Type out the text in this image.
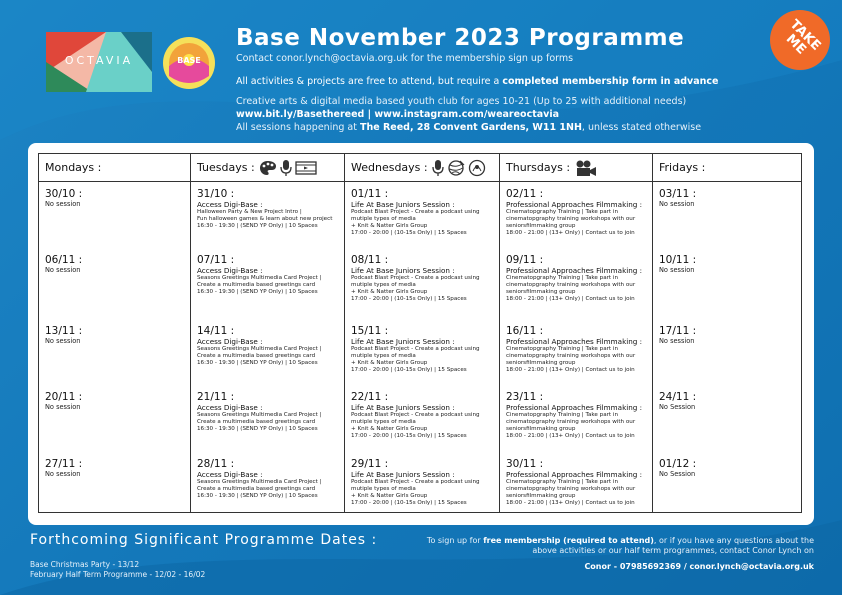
OCTAVIA	BASE
TAKE
ME
Base November 2023 Programme
Contact conor.lynch@octavia.org.uk for the membership sign up forms
All activities & projects are free to attend, but require a completed membership form in advance
Creative arts & digital media based youth club for ages 10-21 (Up to 25 with additional needs)
www.bit.ly/Basethereed | www.instagram.com/weareoctavia
All sessions happening at The Reed, 28 Convent Gardens, W11 1NH, unless stated otherwise
Mondays :
30/10 :
No session
06/11 :
No session
13/11 :
No session
20/11 :
No session
27/11 :
No session
Tuesdays :
31/10 :
Access Digi-Base :
Halloween Party & New Project Intro |
Fun halloween games & learn about new project
16:30 - 19:30 | (SEND YP Only) | 10 Spaces
07/11 :
Access Digi-Base :
Seasons Greetings Multimedia Card Project |
Create a multimedia based greetings card
16:30 - 19:30 | (SEND YP Only) | 10 Spaces
14/11 :
Access Digi-Base :
Seasons Greetings Multimedia Card Project |
Create a multimedia based greetings card
16:30 - 19:30 | (SEND YP Only) | 10 Spaces
21/11 :
Access Digi-Base :
Seasons Greetings Multimedia Card Project |
Create a multimedia based greetings card
16:30 - 19:30 | (SEND YP Only) | 10 Spaces
28/11 :
Access Digi-Base :
Seasons Greetings Multimedia Card Project |
Create a multimedia based greetings card
16:30 - 19:30 | (SEND YP Only) | 10 Spaces
Wednesdays :
01/11 :
Life At Base Juniors Session :
Podcast Blast Project - Create a podcast using
mutiple types of media
+ Knit & Natter Girls Group
17:00 - 20:00 | (10-15s Only) | 15 Spaces
08/11 :
Life At Base Juniors Session :
Podcast Blast Project - Create a podcast using
mutiple types of media
+ Knit & Natter Girls Group
17:00 - 20:00 | (10-15s Only) | 15 Spaces
15/11 :
Life At Base Juniors Session :
Podcast Blast Project - Create a podcast using
mutiple types of media
+ Knit & Natter Girls Group
17:00 - 20:00 | (10-15s Only) | 15 Spaces
22/11 :
Life At Base Juniors Session :
Podcast Blast Project - Create a podcast using
mutiple types of media
+ Knit & Natter Girls Group
17:00 - 20:00 | (10-15s Only) | 15 Spaces
29/11 :
Life At Base Juniors Session :
Podcast Blast Project - Create a podcast using
mutiple types of media
+ Knit & Natter Girls Group
17:00 - 20:00 | (10-15s Only) | 15 Spaces
Thursdays :
02/11 :
Professional Approaches Filmmaking :
Cinematopgraphy Training | Take part in
cinematopgraphy training workshops with our
seniorsfilmmaking group
18:00 - 21:00 | (13+ Only) | Contact us to join
09/11 :
Professional Approaches Filmmaking :
Cinematopgraphy Training | Take part in
cinematopgraphy training workshops with our
seniorsfilmmaking group
18:00 - 21:00 | (13+ Only) | Contact us to join
16/11 :
Professional Approaches Filmmaking :
Cinematopgraphy Training | Take part in
cinematopgraphy training workshops with our
seniorsfilmmaking group
18:00 - 21:00 | (13+ Only) | Contact us to join
23/11 :
Professional Approaches Filmmaking :
Cinematopgraphy Training | Take part in
cinematopgraphy training workshops with our
seniorsfilmmaking group
18:00 - 21:00 | (13+ Only) | Contact us to join
30/11 :
Professional Approaches Filmmaking :
Cinematopgraphy Training | Take part in
cinematopgraphy training workshops with our
seniorsfilmmaking group
18:00 - 21:00 | (13+ Only) | Contact us to join
Fridays :
03/11 :
No session
10/11 :
No session
17/11 :
No session
24/11 :
No Session
01/12 :
No Session
Forthcoming Significant Programme Dates :
Base Christmas Party - 13/12
February Half Term Programme - 12/02 - 16/02
To sign up for free membership (required to attend), or if you have any questions about the above activities or our half term programmes, contact Conor Lynch on
Conor - 07985692369 / conor.lynch@octavia.org.uk
